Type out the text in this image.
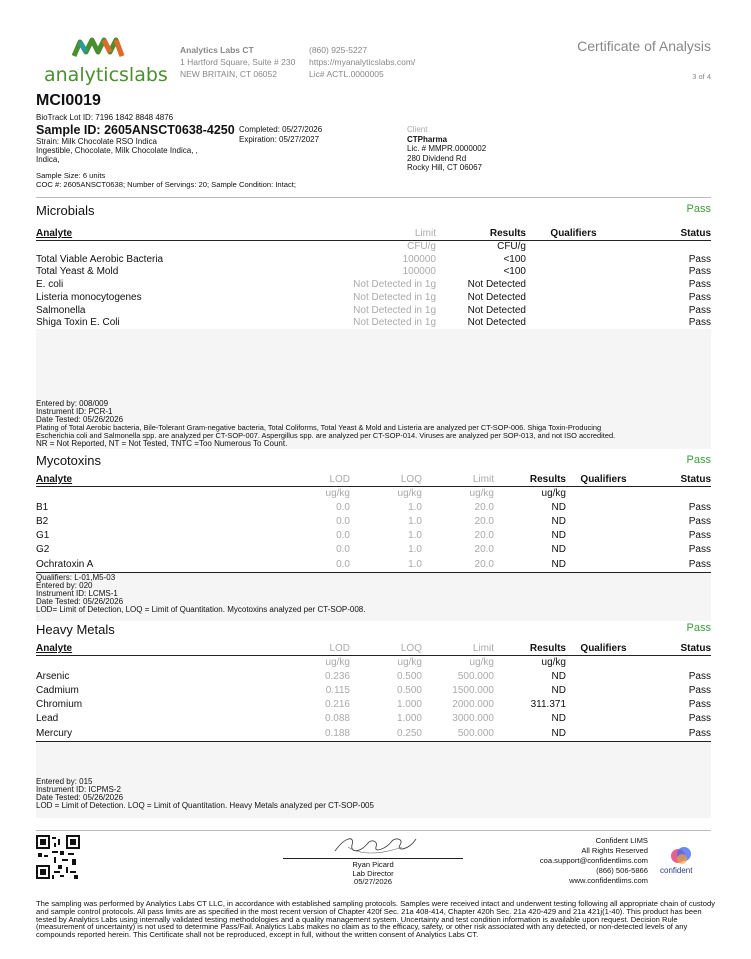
analyticslabs
Analytics Labs CT
1 Hartford Square, Suite # 230
NEW BRITAIN, CT 06052
(860) 925-5227
https://myanalyticslabs.com/
Lic# ACTL.0000005
Certificate of Analysis
3 of 4
MCI0019
BioTrack Lot ID: 7196 1842 8848 4876
Sample ID: 2605ANSCT0638-4250
Strain: Milk Chocolate RSO Indica
Ingestible, Chocolate, Milk Chocolate Indica, ,
Indica,
Completed: 05/27/2026
Expiration: 05/27/2027
Client
CTPharma
Lic. # MMPR.0000002
280 Dividend Rd
Rocky Hill, CT 06067
Sample Size: 6 units
COC #: 2605ANSCT0638; Number of Servings: 20; Sample Condition: Intact;
Microbials	Pass
Analyte	Limit	Results	Qualifiers	Status
	CFU/g	CFU/g		
Total Viable Aerobic Bacteria	100000	<100		Pass
Total Yeast & Mold	100000	<100		Pass
E. coli	Not Detected in 1g	Not Detected		Pass
Listeria monocytogenes	Not Detected in 1g	Not Detected		Pass
Salmonella	Not Detected in 1g	Not Detected		Pass
Shiga Toxin E. Coli	Not Detected in 1g	Not Detected		Pass
Entered by: 008/009
Instrument ID: PCR-1
Date Tested: 05/26/2026
Plating of Total Aerobic bacteria, Bile-Tolerant Gram-negative bacteria, Total Coliforms, Total Yeast & Mold and Listeria are analyzed per CT-SOP-006. Shiga Toxin-Producing
Escherichia coli and Salmonella spp. are analyzed per CT-SOP-007. Aspergillus spp. are analyzed per CT-SOP-014. Viruses are analyzed per SOP-013, and not ISO accredited.
NR = Not Reported, NT = Not Tested, TNTC =Too Numerous To Count.
Mycotoxins	Pass
Analyte	LOD	LOQ	Limit	Results	Qualifiers	Status
	ug/kg	ug/kg	ug/kg	ug/kg		
B1	0.0	1.0	20.0	ND		Pass
B2	0.0	1.0	20.0	ND		Pass
G1	0.0	1.0	20.0	ND		Pass
G2	0.0	1.0	20.0	ND		Pass
Ochratoxin A	0.0	1.0	20.0	ND		Pass
Qualifiers: L-01,M5-03
Entered by: 020
Instrument ID: LCMS-1
Date Tested: 05/26/2026
LOD= Limit of Detection, LOQ = Limit of Quantitation. Mycotoxins analyzed per CT-SOP-008.
Heavy Metals	Pass
Analyte	LOD	LOQ	Limit	Results	Qualifiers	Status
	ug/kg	ug/kg	ug/kg	ug/kg		
Arsenic	0.236	0.500	500.000	ND		Pass
Cadmium	0.115	0.500	1500.000	ND		Pass
Chromium	0.216	1.000	2000.000	311.371		Pass
Lead	0.088	1.000	3000.000	ND		Pass
Mercury	0.188	0.250	500.000	ND		Pass
Entered by: 015
Instrument ID: ICPMS-2
Date Tested: 05/26/2026
LOD = Limit of Detection. LOQ = Limit of Quantitation. Heavy Metals analyzed per CT-SOP-005
Ryan Picard
Lab Director
05/27/2026
Confident LIMS
All Rights Reserved
coa.support@confidentlims.com
(866) 506-5866
www.confidentlims.com
confident
The sampling was performed by Analytics Labs CT LLC, in accordance with established sampling protocols. Samples were received intact and underwent testing following all appropriate chain of custody and sample control protocols. All pass limits are as specified in the most recent version of Chapter 420f Sec. 21a 408-414, Chapter 420h Sec. 21a 420-429 and 21a 421j(1-40). This product has been tested by Analytics Labs using internally validated testing methodologies and a quality management system. Uncertainty and test condition information is available upon request. Decision Rule (measurement of uncertainty) is not used to determine Pass/Fail. Analytics Labs makes no claim as to the efficacy, safety, or other risk associated with any detected, or non-detected levels of any compounds reported herein. This Certificate shall not be reproduced, except in full, without the written consent of Analytics Labs CT.
